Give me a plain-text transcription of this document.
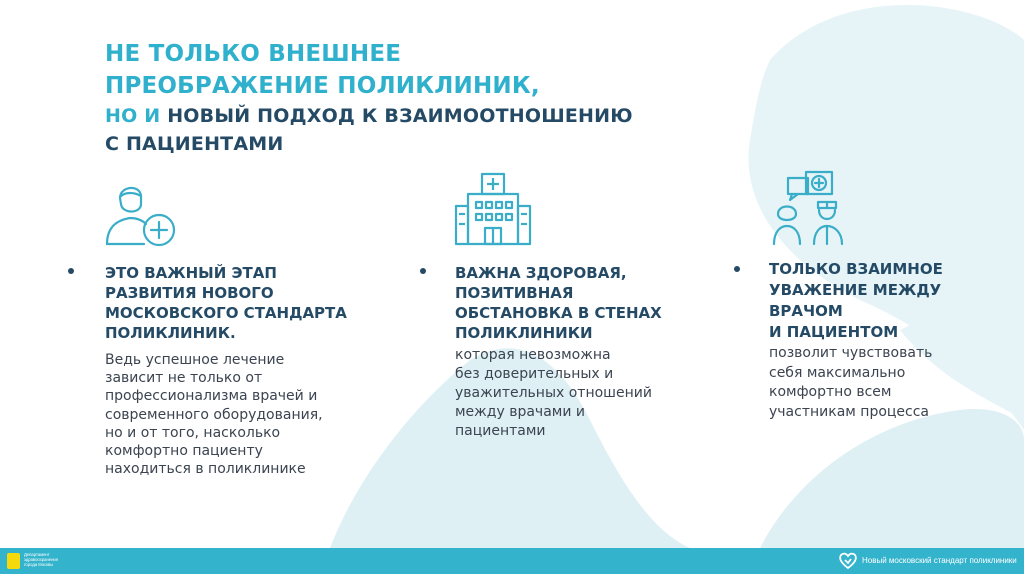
НЕ ТОЛЬКО ВНЕШНЕЕ
ПРЕОБРАЖЕНИЕ ПОЛИКЛИНИК,
НО И НОВЫЙ ПОДХОД К ВЗАИМООТНОШЕНИЮ
С ПАЦИЕНТАМИ
ЭТО ВАЖНЫЙ ЭТАП
РАЗВИТИЯ НОВОГО
МОСКОВСКОГО СТАНДАРТА
ПОЛИКЛИНИК.
Ведь успешное лечение
зависит не только от
профессионализма врачей и
современного оборудования,
но и от того, насколько
комфортно пациенту
находиться в поликлинике
ВАЖНА ЗДОРОВАЯ,
ПОЗИТИВНАЯ
ОБСТАНОВКА В СТЕНАХ
ПОЛИКЛИНИКИ
которая невозможна
без доверительных и
уважительных отношений
между врачами и
пациентами
ТОЛЬКО ВЗАИМНОЕ
УВАЖЕНИЕ МЕЖДУ
ВРАЧОМ
И ПАЦИЕНТОМ
позволит чувствовать
себя максимально
комфортно всем
участникам процесса
Департамент
здравоохранения
города Москвы	Новый московский стандарт поликлиники
